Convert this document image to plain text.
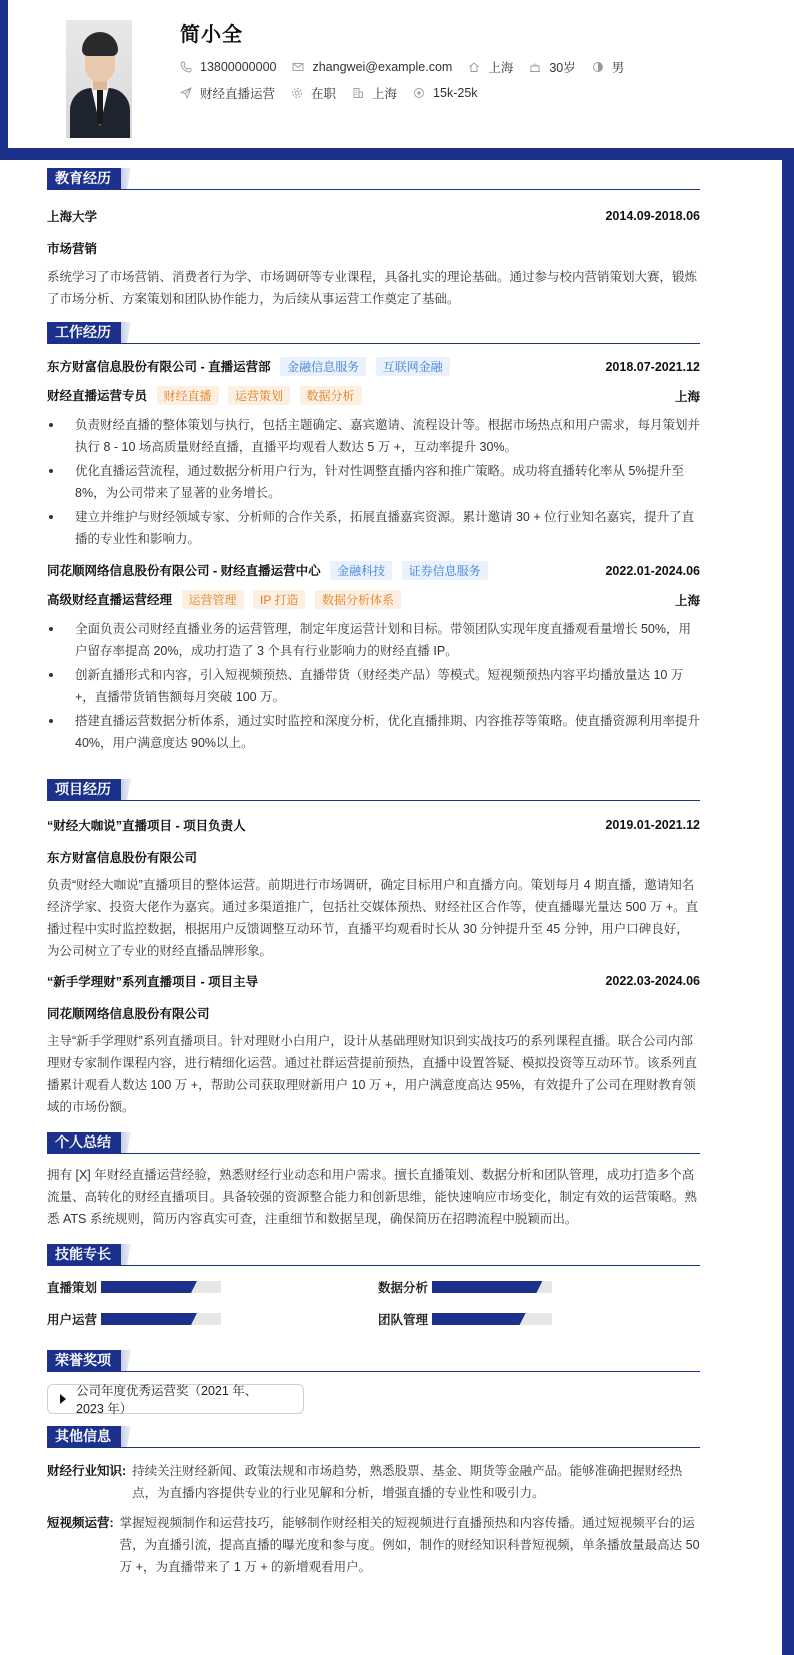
简小全
13800000000	zhangwei@example.com	上海	30岁	男
财经直播运营	在职	上海	15k-25k
教育经历
上海大学	2014.09-2018.06
市场营销
系统学习了市场营销、消费者行为学、市场调研等专业课程，具备扎实的理论基础。通过参与校内营销策划大赛，锻炼了市场分析、方案策划和团队协作能力，为后续从事运营工作奠定了基础。
工作经历
东方财富信息股份有限公司 - 直播运营部 金融信息服务 互联网金融	2018.07-2021.12
财经直播运营专员 财经直播 运营策划 数据分析	上海
负责财经直播的整体策划与执行，包括主题确定、嘉宾邀请、流程设计等。根据市场热点和用户需求，每月策划并执行 8 - 10 场高质量财经直播，直播平均观看人数达 5 万 +，互动率提升 30%。
优化直播运营流程，通过数据分析用户行为，针对性调整直播内容和推广策略。成功将直播转化率从 5%提升至 8%，为公司带来了显著的业务增长。
建立并维护与财经领域专家、分析师的合作关系，拓展直播嘉宾资源。累计邀请 30 + 位行业知名嘉宾，提升了直播的专业性和影响力。
同花顺网络信息股份有限公司 - 财经直播运营中心 金融科技 证券信息服务	2022.01-2024.06
高级财经直播运营经理 运营管理 IP 打造 数据分析体系	上海
全面负责公司财经直播业务的运营管理，制定年度运营计划和目标。带领团队实现年度直播观看量增长 50%，用户留存率提高 20%，成功打造了 3 个具有行业影响力的财经直播 IP。
创新直播形式和内容，引入短视频预热、直播带货（财经类产品）等模式。短视频预热内容平均播放量达 10 万 +，直播带货销售额每月突破 100 万。
搭建直播运营数据分析体系，通过实时监控和深度分析，优化直播排期、内容推荐等策略。使直播资源利用率提升 40%，用户满意度达 90%以上。
项目经历
“财经大咖说”直播项目 - 项目负责人	2019.01-2021.12
东方财富信息股份有限公司
负责“财经大咖说”直播项目的整体运营。前期进行市场调研，确定目标用户和直播方向。策划每月 4 期直播，邀请知名经济学家、投资大佬作为嘉宾。通过多渠道推广，包括社交媒体预热、财经社区合作等，使直播曝光量达 500 万 +。直播过程中实时监控数据，根据用户反馈调整互动环节，直播平均观看时长从 30 分钟提升至 45 分钟，用户口碑良好，为公司树立了专业的财经直播品牌形象。
“新手学理财”系列直播项目 - 项目主导	2022.03-2024.06
同花顺网络信息股份有限公司
主导“新手学理财”系列直播项目。针对理财小白用户，设计从基础理财知识到实战技巧的系列课程直播。联合公司内部理财专家制作课程内容，进行精细化运营。通过社群运营提前预热，直播中设置答疑、模拟投资等互动环节。该系列直播累计观看人数达 100 万 +，帮助公司获取理财新用户 10 万 +，用户满意度高达 95%，有效提升了公司在理财教育领域的市场份额。
个人总结
拥有 [X] 年财经直播运营经验，熟悉财经行业动态和用户需求。擅长直播策划、数据分析和团队管理，成功打造多个高流量、高转化的财经直播项目。具备较强的资源整合能力和创新思维，能快速响应市场变化，制定有效的运营策略。熟悉 ATS 系统规则，简历内容真实可查，注重细节和数据呈现，确保简历在招聘流程中脱颖而出。
技能专长
直播策划	数据分析
用户运营	团队管理
荣誉奖项
公司年度优秀运营奖（2021 年、2023 年）
其他信息
财经行业知识: 持续关注财经新闻、政策法规和市场趋势，熟悉股票、基金、期货等金融产品。能够准确把握财经热点，为直播内容提供专业的行业见解和分析，增强直播的专业性和吸引力。
短视频运营: 掌握短视频制作和运营技巧，能够制作财经相关的短视频进行直播预热和内容传播。通过短视频平台的运营，为直播引流，提高直播的曝光度和参与度。例如，制作的财经知识科普短视频，单条播放量最高达 50 万 +，为直播带来了 1 万 + 的新增观看用户。
